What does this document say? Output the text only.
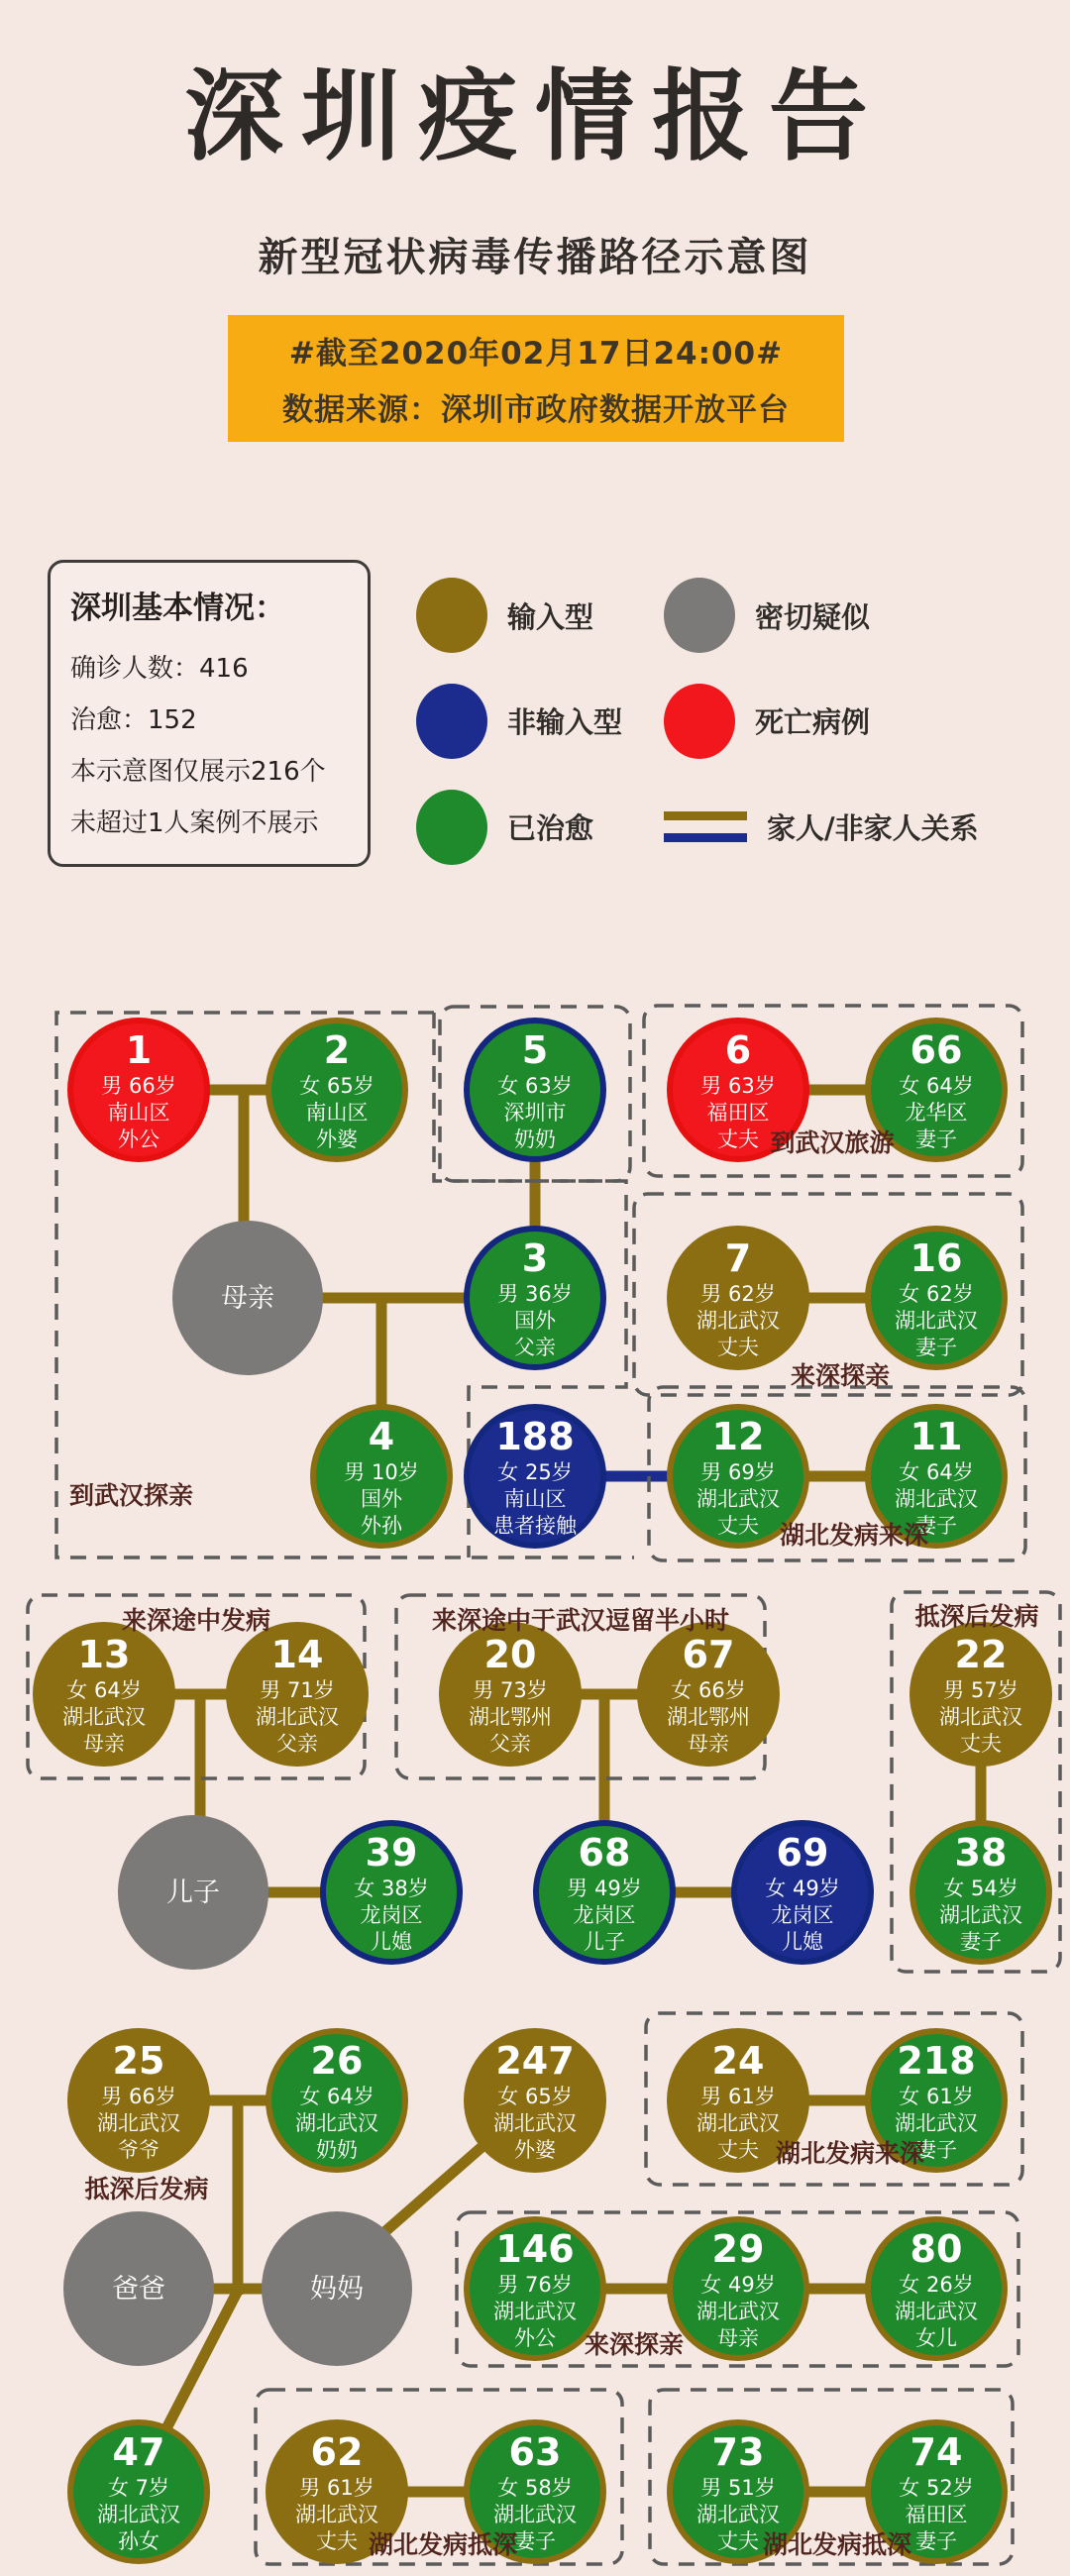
深圳疫情报告
新型冠状病毒传播路径示意图
#截至2020年02月17日24:00#
数据来源：深圳市政府数据开放平台
深圳基本情况：
确诊人数：416
治愈：152
本示意图仅展示216个
未超过1人案例不展示
输入型
非输入型
已治愈
密切疑似
死亡病例
家人/非家人关系
1
男 66岁
南山区
外公
2
女 65岁
南山区
外婆
5
女 63岁
深圳市
奶奶
6
男 63岁
福田区
丈夫
66
女 64岁
龙华区
妻子
母亲
3
男 36岁
国外
父亲
7
男 62岁
湖北武汉
丈夫
16
女 62岁
湖北武汉
妻子
4
男 10岁
国外
外孙
188
女 25岁
南山区
患者接触
12
男 69岁
湖北武汉
丈夫
11
女 64岁
湖北武汉
妻子
13
女 64岁
湖北武汉
母亲
14
男 71岁
湖北武汉
父亲
20
男 73岁
湖北鄂州
父亲
67
女 66岁
湖北鄂州
母亲
22
男 57岁
湖北武汉
丈夫
儿子
39
女 38岁
龙岗区
儿媳
68
男 49岁
龙岗区
儿子
69
女 49岁
龙岗区
儿媳
38
女 54岁
湖北武汉
妻子
25
男 66岁
湖北武汉
爷爷
26
女 64岁
湖北武汉
奶奶
247
女 65岁
湖北武汉
外婆
24
男 61岁
湖北武汉
丈夫
218
女 61岁
湖北武汉
妻子
爸爸	妈妈
146
男 76岁
湖北武汉
外公
29
女 49岁
湖北武汉
母亲
80
女 26岁
湖北武汉
女儿
47
女 7岁
湖北武汉
孙女
62
男 61岁
湖北武汉
丈夫
63
女 58岁
湖北武汉
妻子
73
男 51岁
湖北武汉
丈夫
74
女 52岁
福田区
妻子
到武汉探亲
到武汉旅游
来深探亲
湖北发病来深
来深途中发病	来深途中于武汉逗留半小时	抵深后发病
湖北发病来深
抵深后发病
来深探亲
湖北发病抵深	湖北发病抵深
